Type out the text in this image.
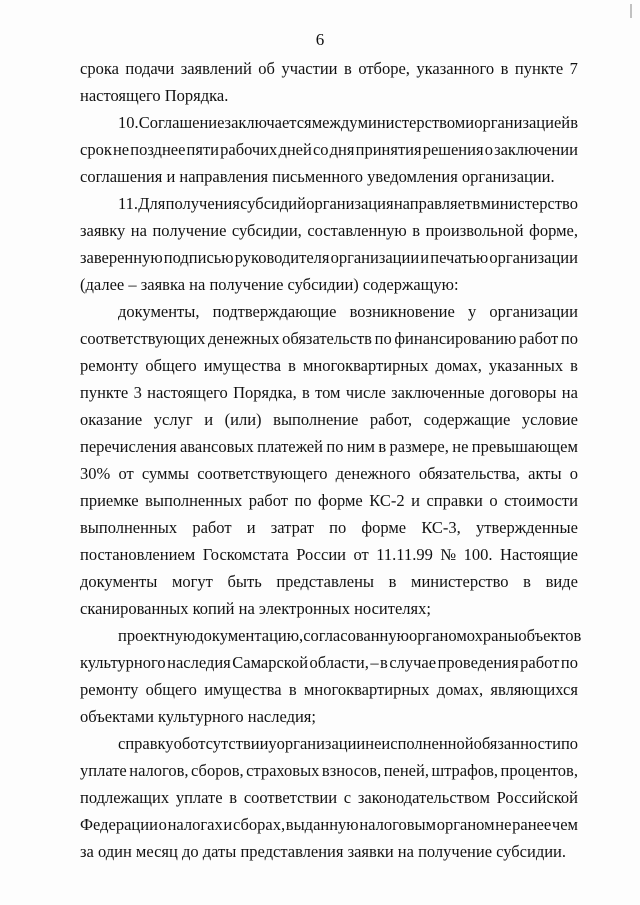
6
срока подачи заявлений об участии в отборе, указанного в пункте 7
настоящего Порядка.
10. Соглашение заключается между министерством и организацией в
срок не позднее пяти рабочих дней со дня принятия решения о заключении
соглашения и направления письменного уведомления организации.
11. Для получения субсидий организация направляет в министерство
заявку на получение субсидии, составленную в произвольной форме,
заверенную подписью руководителя организации и печатью организации
(далее – заявка на получение субсидии) содержащую:
документы, подтверждающие возникновение у организации
соответствующих денежных обязательств по финансированию работ по
ремонту общего имущества в многоквартирных домах, указанных в
пункте 3 настоящего Порядка, в том числе заключенные договоры на
оказание услуг и (или) выполнение работ, содержащие условие
перечисления авансовых платежей по ним в размере, не превышающем
30% от суммы соответствующего денежного обязательства, акты о
приемке выполненных работ по форме КС-2 и справки о стоимости
выполненных работ и затрат по форме КС-3, утвержденные
постановлением Госкомстата России от 11.11.99 № 100. Настоящие
документы могут быть представлены в министерство в виде
сканированных копий на электронных носителях;
проектную документацию, согласованную органом охраны объектов
культурного наследия Самарской области, – в случае проведения работ по
ремонту общего имущества в многоквартирных домах, являющихся
объектами культурного наследия;
справку об отсутствии у организации неисполненной обязанности по
уплате налогов, сборов, страховых взносов, пеней, штрафов, процентов,
подлежащих уплате в соответствии с законодательством Российской
Федерации о налогах и сборах, выданную налоговым органом не ранее чем
за один месяц до даты представления заявки на получение субсидии.
